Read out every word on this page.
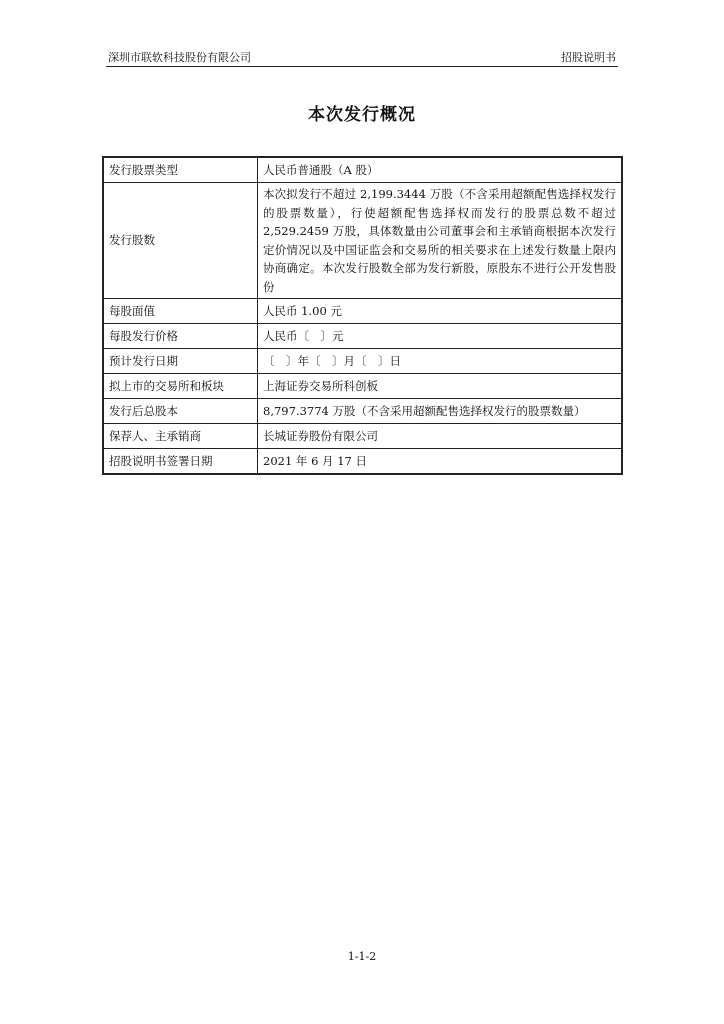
深圳市联软科技股份有限公司	招股说明书
本次发行概况
发行股票类型	人民币普通股（A 股）
发行股数	本次拟发行不超过 2,199.3444 万股（不含采用超额配售选择权发行的股票数量），行使超额配售选择权而发行的股票总数不超过 2,529.2459 万股，具体数量由公司董事会和主承销商根据本次发行定价情况以及中国证监会和交易所的相关要求在上述发行数量上限内协商确定。本次发行股数全部为发行新股，原股东不进行公开发售股份
每股面值	人民币 1.00 元
每股发行价格	人民币〔　〕元
预计发行日期	〔　〕年〔　〕月〔　〕日
拟上市的交易所和板块	上海证券交易所科创板
发行后总股本	8,797.3774 万股（不含采用超额配售选择权发行的股票数量）
保荐人、主承销商	长城证券股份有限公司
招股说明书签署日期	2021 年 6 月 17 日
1-1-2
